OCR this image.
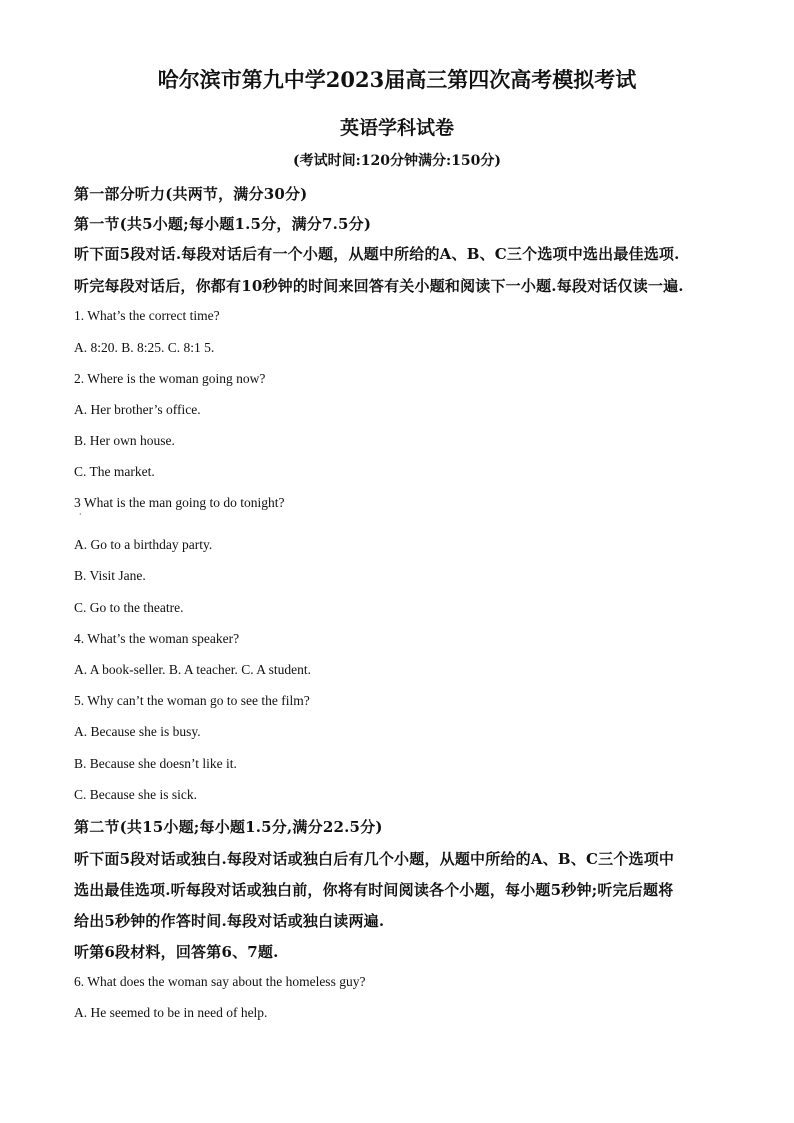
哈尔滨市第九中学2023届高三第四次高考模拟考试
英语学科试卷
(考试时间:120分钟满分:150分)
第一部分听力(共两节，满分30分)
第一节(共5小题;每小题1.5分，满分7.5分)
听下面5段对话.每段对话后有一个小题，从题中所给的A、B、C三个选项中选出最佳选项.
听完每段对话后，你都有10秒钟的时间来回答有关小题和阅读下一小题.每段对话仅读一遍.
1. What’s the correct time?
A. 8:20. B. 8:25. C. 8:1 5.
2. Where is the woman going now?
A. Her brother’s office.
B. Her own house.
C. The market.
3 What is the man going to do tonight?
·
A. Go to a birthday party.
B. Visit Jane.
C. Go to the theatre.
4. What’s the woman speaker?
A. A book-seller. B. A teacher. C. A student.
5. Why can’t the woman go to see the film?
A. Because she is busy.
B. Because she doesn’t like it.
C. Because she is sick.
第二节(共15小题;每小题1.5分,满分22.5分)
听下面5段对话或独白.每段对话或独白后有几个小题，从题中所给的A、B、C三个选项中
选出最佳选项.听每段对话或独白前，你将有时间阅读各个小题，每小题5秒钟;听完后题将
给出5秒钟的作答时间.每段对话或独白读两遍.
听第6段材料，回答第6、7题.
6. What does the woman say about the homeless guy?
A. He seemed to be in need of help.
